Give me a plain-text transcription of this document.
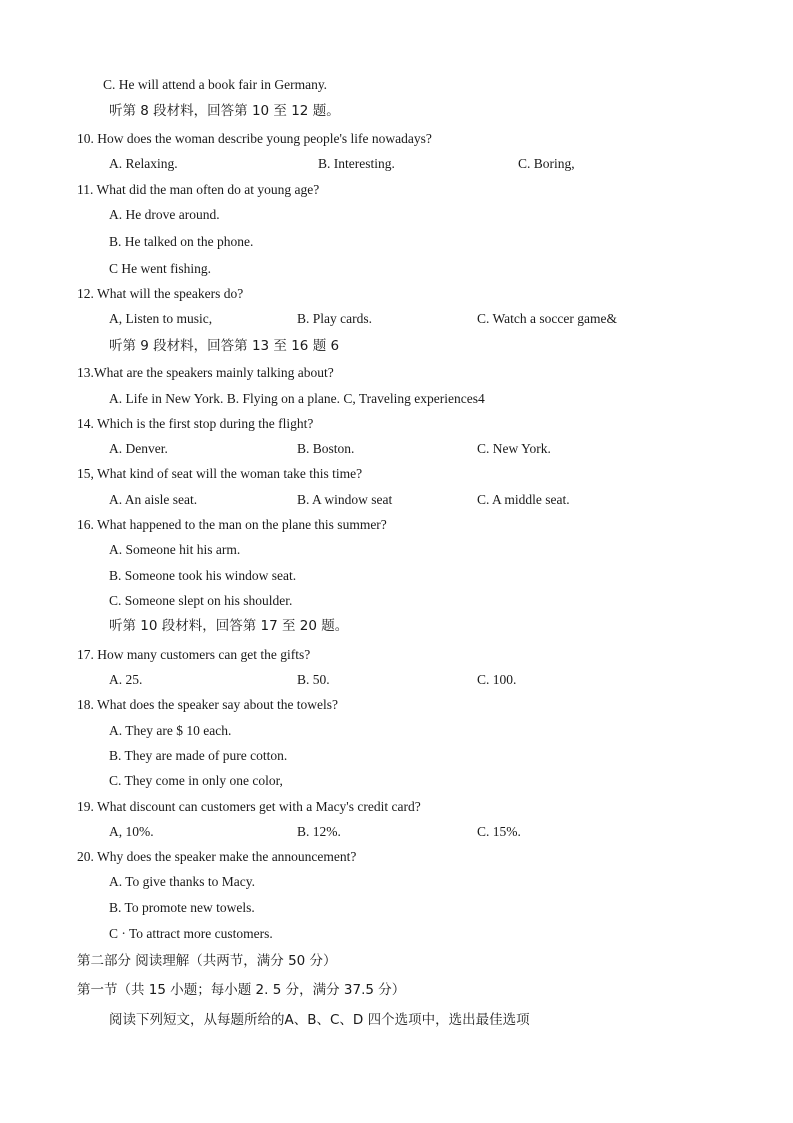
C. He will attend a book fair in Germany.
听第 8 段材料，回答第 10 至 12 题。
10. How does the woman describe young people's life nowadays?
A. Relaxing.	B. Interesting.	C. Boring,
11. What did the man often do at young age?
A. He drove around.
B. He talked on the phone.
C He went fishing.
12. What will the speakers do?
A, Listen to music,	B. Play cards.	C. Watch a soccer game&
听第 9 段材料，回答第 13 至 16 题 6
13.What are the speakers mainly talking about?
A. Life in New York. B. Flying on a plane. C, Traveling experiences4
14. Which is the first stop during the flight?
A. Denver.	B. Boston.	C. New York.
15, What kind of seat will the woman take this time?
A. An aisle seat.	B. A window seat	C. A middle seat.
16. What happened to the man on the plane this summer?
A. Someone hit his arm.
B. Someone took his window seat.
C. Someone slept on his shoulder.
听第 10 段材料，回答第 17 至 20 题。
17. How many customers can get the gifts?
A. 25.	B. 50.	C. 100.
18. What does the speaker say about the towels?
A. They are $ 10 each.
B. They are made of pure cotton.
C. They come in only one color,
19. What discount can customers get with a Macy's credit card?
A, 10%.	B. 12%.	C. 15%.
20. Why does the speaker make the announcement?
A. To give thanks to Macy.
B. To promote new towels.
C · To attract more customers.
第二部分 阅读理解（共两节，满分 50 分）
第一节（共 15 小题；每小题 2. 5 分，满分 37.5 分）
阅读下列短文，从每题所给的A、B、C、D 四个选项中，选出最佳选项
